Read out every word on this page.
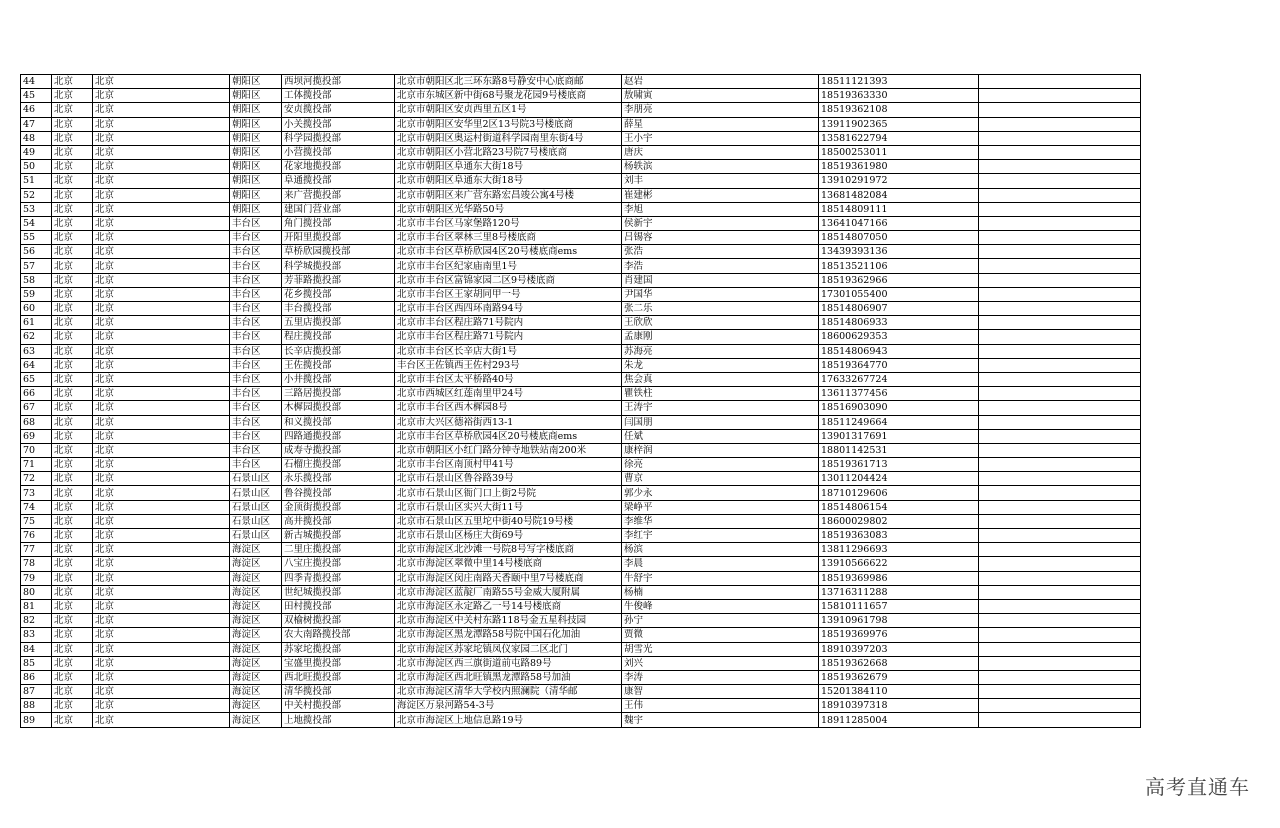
44	北京	北京	朝阳区	西坝河揽投部	北京市朝阳区北三环东路8号静安中心底商邮	赵岩	18511121393	
45	北京	北京	朝阳区	工体揽投部	北京市东城区新中街68号聚龙花园9号楼底商	敖啸寅	18519363330	
46	北京	北京	朝阳区	安贞揽投部	北京市朝阳区安贞西里五区1号	李朋亮	18519362108	
47	北京	北京	朝阳区	小关揽投部	北京市朝阳区安华里2区13号院3号楼底商	薛星	13911902365	
48	北京	北京	朝阳区	科学园揽投部	北京市朝阳区奥运村街道科学园南里东街4号	王小宇	13581622794	
49	北京	北京	朝阳区	小营揽投部	北京市朝阳区小营北路23号院7号楼底商	唐庆	18500253011	
50	北京	北京	朝阳区	花家地揽投部	北京市朝阳区阜通东大街18号	杨轶滨	18519361980	
51	北京	北京	朝阳区	阜通揽投部	北京市朝阳区阜通东大街18号	刘丰	13910291972	
52	北京	北京	朝阳区	来广营揽投部	北京市朝阳区来广营东路宏昌竣公寓4号楼	崔建彬	13681482084	
53	北京	北京	朝阳区	建国门营业部	北京市朝阳区光华路50号	李旭	18514809111	
54	北京	北京	丰台区	角门揽投部	北京市丰台区马家堡路120号	侯新宇	13641047166	
55	北京	北京	丰台区	开阳里揽投部	北京市丰台区翠林三里8号楼底商	吕锡容	18514807050	
56	北京	北京	丰台区	草桥欣园揽投部	北京市丰台区草桥欣园4区20号楼底商ems	张浩	13439393136	
57	北京	北京	丰台区	科学城揽投部	北京市丰台区纪家庙南里1号	李浩	18513521106	
58	北京	北京	丰台区	芳菲路揽投部	北京市丰台区富锦家园二区9号楼底商	肖建国	18519362966	
59	北京	北京	丰台区	花乡揽投部	北京市丰台区王家胡同甲一号	尹国华	17301055400	
60	北京	北京	丰台区	丰台揽投部	北京市丰台区西四环南路94号	张二乐	18514806907	
61	北京	北京	丰台区	五里店揽投部	北京市丰台区程庄路71号院内	王欣欣	18514806933	
62	北京	北京	丰台区	程庄揽投部	北京市丰台区程庄路71号院内	孟康刚	18600629353	
63	北京	北京	丰台区	长辛店揽投部	北京市丰台区长辛店大街1号	苏海亮	18514806943	
64	北京	北京	丰台区	王佐揽投部	丰台区王佐镇西王佐村293号	朱龙	18519364770	
65	北京	北京	丰台区	小井揽投部	北京市丰台区太平桥路40号	焦会真	17633267724	
66	北京	北京	丰台区	三路居揽投部	北京市西城区红莲南里甲24号	瞿铁柱	13611377456	
67	北京	北京	丰台区	木樨园揽投部	北京市丰台区西木樨园8号	王涛宇	18516903090	
68	北京	北京	丰台区	和义揽投部	北京市大兴区德裕街西13-1	闫国朋	18511249664	
69	北京	北京	丰台区	四路通揽投部	北京市丰台区草桥欣园4区20号楼底商ems	任斌	13901317691	
70	北京	北京	丰台区	成寿寺揽投部	北京市朝阳区小红门路分钟寺地铁站南200米	康梓润	18801142531	
71	北京	北京	丰台区	石榴庄揽投部	北京市丰台区南顶村甲41号	徐亮	18519361713	
72	北京	北京	石景山区	永乐揽投部	北京市石景山区鲁谷路39号	曹京	13011204424	
73	北京	北京	石景山区	鲁谷揽投部	北京市石景山区衙门口上街2号院	郭少永	18710129606	
74	北京	北京	石景山区	金顶街揽投部	北京市石景山区实兴大街11号	梁峥平	18514806154	
75	北京	北京	石景山区	高井揽投部	北京市石景山区五里坨中街40号院19号楼	李维华	18600029802	
76	北京	北京	石景山区	新古城揽投部	北京市石景山区杨庄大街69号	李红宇	18519363083	
77	北京	北京	海淀区	二里庄揽投部	北京市海淀区北沙滩一号院8号写字楼底商	杨滨	13811296693	
78	北京	北京	海淀区	八宝庄揽投部	北京市海淀区翠微中里14号楼底商	李晨	13910566622	
79	北京	北京	海淀区	四季青揽投部	北京市海淀区闵庄南路天香颐中里7号楼底商	牛舒宇	18519369986	
80	北京	北京	海淀区	世纪城揽投部	北京市海淀区蓝靛厂南路55号金威大厦附属	杨楠	13716311288	
81	北京	北京	海淀区	田村揽投部	北京市海淀区永定路乙一号14号楼底商	牛俊峰	15810111657	
82	北京	北京	海淀区	双榆树揽投部	北京市海淀区中关村东路118号金五星科技园	孙宁	13910961798	
83	北京	北京	海淀区	农大南路揽投部	北京市海淀区黑龙潭路58号院中国石化加油	贾微	18519369976	
84	北京	北京	海淀区	苏家坨揽投部	北京市海淀区苏家坨镇凤仪家园二区北门	胡雪光	18910397203	
85	北京	北京	海淀区	宝盛里揽投部	北京市海淀区西三旗街道前屯路89号	刘兴	18519362668	
86	北京	北京	海淀区	西北旺揽投部	北京市海淀区西北旺镇黑龙潭路58号加油	李涛	18519362679	
87	北京	北京	海淀区	清华揽投部	北京市海淀区清华大学校内照澜院（清华邮	康智	15201384110	
88	北京	北京	海淀区	中关村揽投部	海淀区万泉河路54-3号	王伟	18910397318	
89	北京	北京	海淀区	上地揽投部	北京市海淀区上地信息路19号	魏宇	18911285004	
高考直通车
